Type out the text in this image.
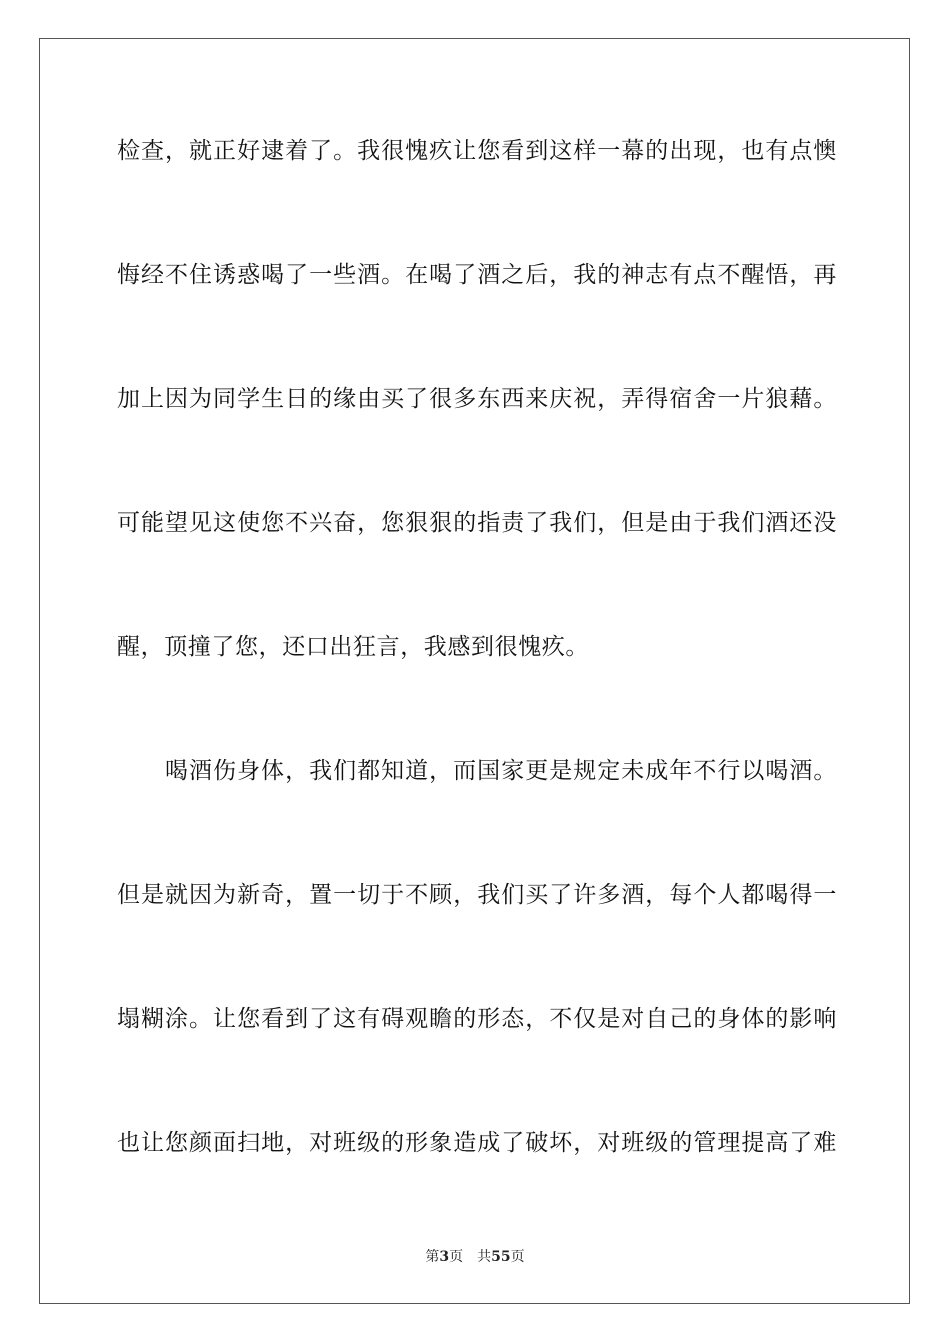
检查，就正好逮着了。我很愧疚让您看到这样一幕的出现，也有点懊
悔经不住诱惑喝了一些酒。在喝了酒之后，我的神志有点不醒悟，再
加上因为同学生日的缘由买了很多东西来庆祝，弄得宿舍一片狼藉。
可能望见这使您不兴奋，您狠狠的指责了我们，但是由于我们酒还没
醒，顶撞了您，还口出狂言，我感到很愧疚。
喝酒伤身体，我们都知道，而国家更是规定未成年不行以喝酒。
但是就因为新奇，置一切于不顾，我们买了许多酒，每个人都喝得一
塌糊涂。让您看到了这有碍观瞻的形态，不仅是对自己的身体的影响
也让您颜面扫地，对班级的形象造成了破坏，对班级的管理提高了难
第3页 共55页
